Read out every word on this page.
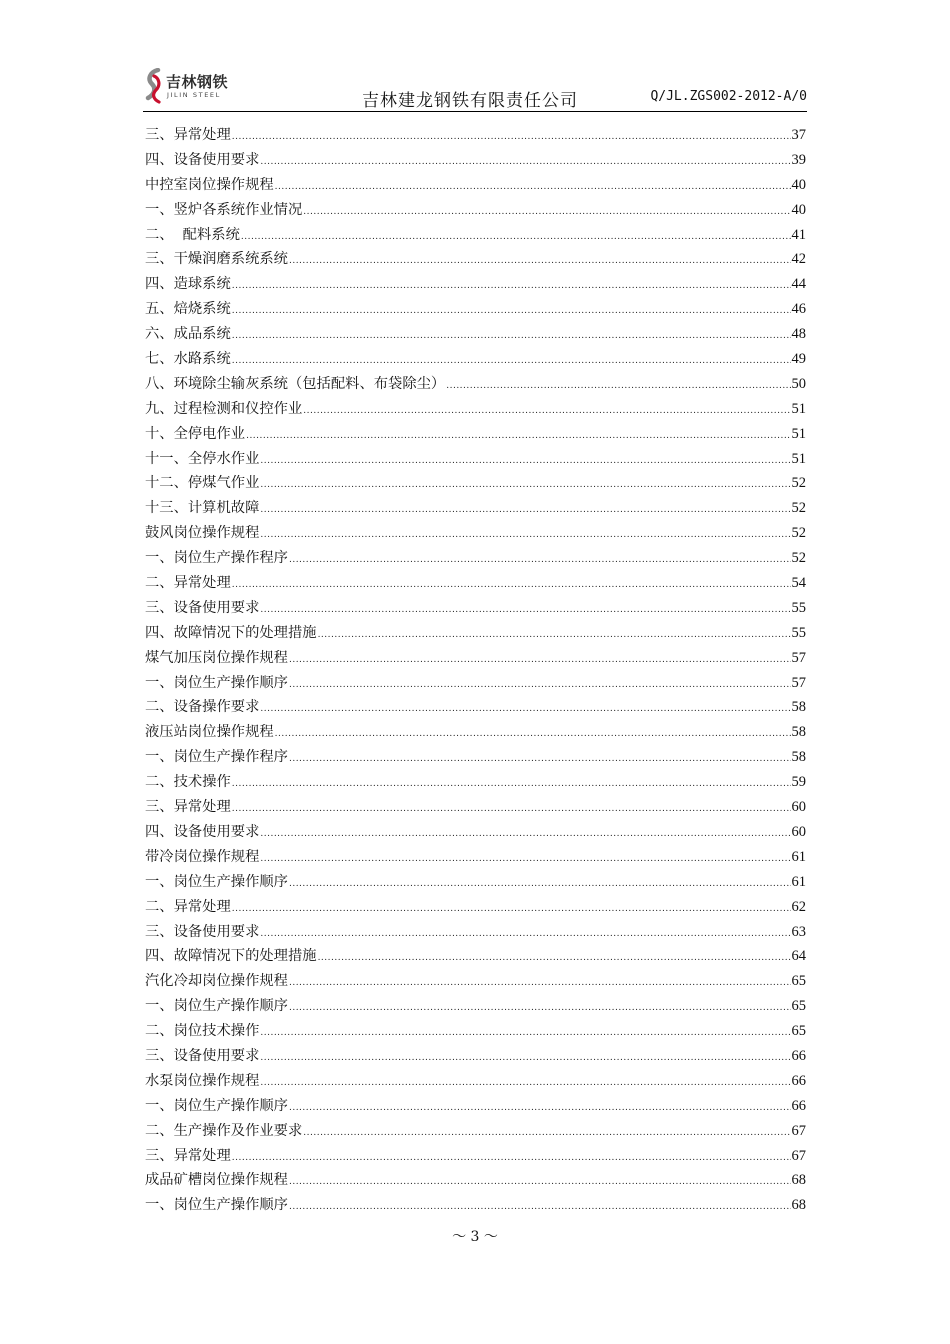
吉林钢铁
JILIN STEEL	吉林建龙钢铁有限责任公司	Q/JL.ZGS002-2012-A/0
三、异常处理 .....	37
四、设备使用要求 .....	39
中控室岗位操作规程 .....	40
一、竖炉各系统作业情况 .....	40
二、  配料系统 .....	41
三、干燥润磨系统系统 .....	42
四、造球系统 .....	44
五、焙烧系统 .....	46
六、成品系统 .....	48
七、水路系统 .....	49
八、环境除尘输灰系统（包括配料、布袋除尘） .....	50
九、过程检测和仪控作业 .....	51
十、全停电作业 .....	51
十一、全停水作业 .....	51
十二、停煤气作业 .....	52
十三、计算机故障 .....	52
鼓风岗位操作规程 .....	52
一、岗位生产操作程序 .....	52
二、异常处理 .....	54
三、设备使用要求 .....	55
四、故障情况下的处理措施 .....	55
煤气加压岗位操作规程 .....	57
一、岗位生产操作顺序 .....	57
二、设备操作要求 .....	58
液压站岗位操作规程 .....	58
一、岗位生产操作程序 .....	58
二、技术操作 .....	59
三、异常处理 .....	60
四、设备使用要求 .....	60
带冷岗位操作规程 .....	61
一、岗位生产操作顺序 .....	61
二、异常处理 .....	62
三、设备使用要求 .....	63
四、故障情况下的处理措施 .....	64
汽化冷却岗位操作规程 .....	65
一、岗位生产操作顺序 .....	65
二、岗位技术操作 .....	65
三、设备使用要求 .....	66
水泵岗位操作规程 .....	66
一、岗位生产操作顺序 .....	66
二、生产操作及作业要求 .....	67
三、异常处理 .....	67
成品矿槽岗位操作规程 .....	68
一、岗位生产操作顺序 .....	68
～ 3 ～
